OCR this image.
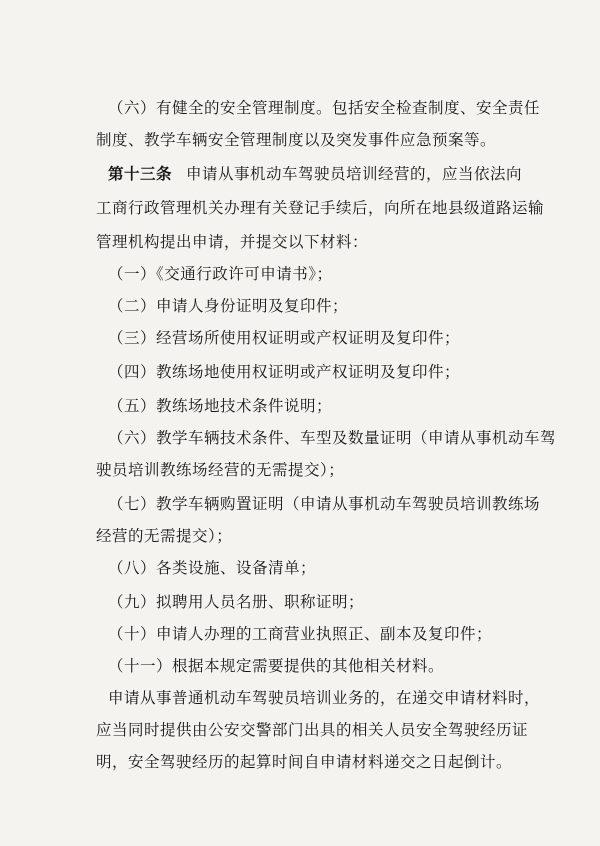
（六）有健全的安全管理制度。包括安全检查制度、安全责任
制度、教学车辆安全管理制度以及突发事件应急预案等。
第十三条 申请从事机动车驾驶员培训经营的，应当依法向
工商行政管理机关办理有关登记手续后，向所在地县级道路运输
管理机构提出申请，并提交以下材料：
（一）《交通行政许可申请书》；
（二）申请人身份证明及复印件；
（三）经营场所使用权证明或产权证明及复印件；
（四）教练场地使用权证明或产权证明及复印件；
（五）教练场地技术条件说明；
（六）教学车辆技术条件、车型及数量证明（申请从事机动车驾
驶员培训教练场经营的无需提交）；
（七）教学车辆购置证明（申请从事机动车驾驶员培训教练场
经营的无需提交）；
（八）各类设施、设备清单；
（九）拟聘用人员名册、职称证明；
（十）申请人办理的工商营业执照正、副本及复印件；
（十一）根据本规定需要提供的其他相关材料。
申请从事普通机动车驾驶员培训业务的，在递交申请材料时，
应当同时提供由公安交警部门出具的相关人员安全驾驶经历证
明，安全驾驶经历的起算时间自申请材料递交之日起倒计。
